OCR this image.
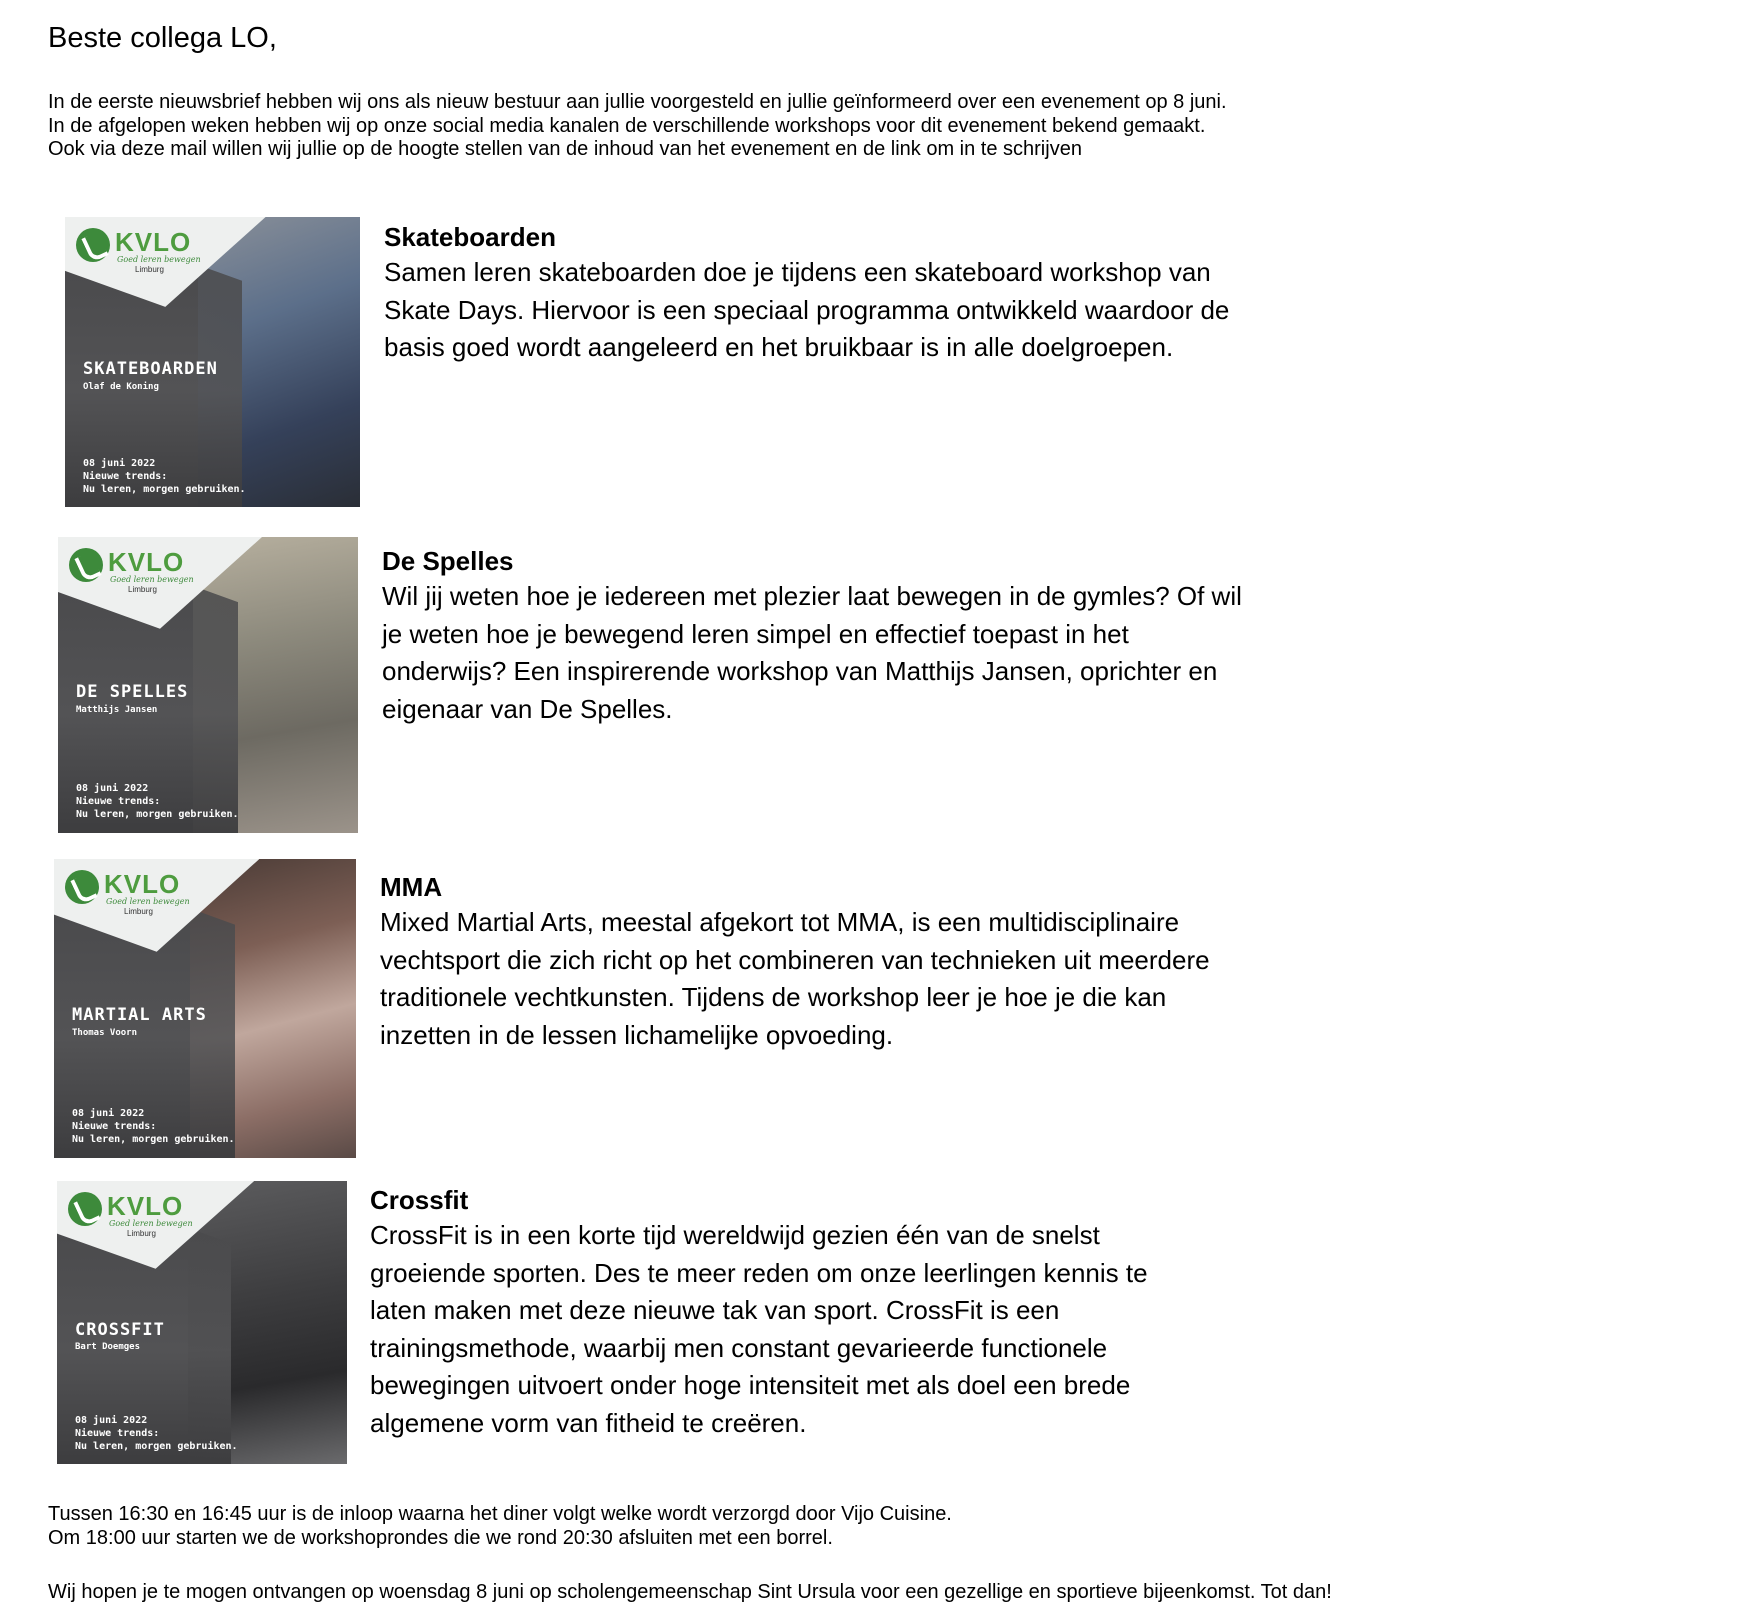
Beste collega LO,
In de eerste nieuwsbrief hebben wij ons als nieuw bestuur aan jullie voorgesteld en jullie geïnformeerd over een evenement op 8 juni.
In de afgelopen weken hebben wij op onze social media kanalen de verschillende workshops voor dit evenement bekend gemaakt.
Ook via deze mail willen wij jullie op de hoogte stellen van de inhoud van het evenement en de link om in te schrijven
KVLO
Goed leren bewegen
Limburg
SKATEBOARDEN
Olaf de Koning
08 juni 2022
Nieuwe trends:
Nu leren, morgen gebruiken.

Skateboarden

Samen leren skateboarden doe je tijdens een skateboard workshop van Skate Days. Hiervoor is een speciaal programma ontwikkeld waardoor de basis goed wordt aangeleerd en het bruikbaar is in alle doelgroepen.

KVLO
Goed leren bewegen
Limburg
DE SPELLES
Matthijs Jansen
08 juni 2022
Nieuwe trends:
Nu leren, morgen gebruiken.

De Spelles

Wil jij weten hoe je iedereen met plezier laat bewegen in de gymles? Of wil je weten hoe je bewegend leren simpel en effectief toepast in het onderwijs? Een inspirerende workshop van Matthijs Jansen, oprichter en eigenaar van De Spelles.

KVLO
Goed leren bewegen
Limburg
MARTIAL ARTS
Thomas Voorn
08 juni 2022
Nieuwe trends:
Nu leren, morgen gebruiken.

MMA

Mixed Martial Arts, meestal afgekort tot MMA, is een multidisciplinaire vechtsport die zich richt op het combineren van technieken uit meerdere traditionele vechtkunsten. Tijdens de workshop leer je hoe je die kan inzetten in de lessen lichamelijke opvoeding.

KVLO
Goed leren bewegen
Limburg
CROSSFIT
Bart Doemges
08 juni 2022
Nieuwe trends:
Nu leren, morgen gebruiken.

Crossfit

CrossFit is in een korte tijd wereldwijd gezien één van de snelst groeiende sporten. Des te meer reden om onze leerlingen kennis te laten maken met deze nieuwe tak van sport. CrossFit is een trainingsmethode, waarbij men constant gevarieerde functionele bewegingen uitvoert onder hoge intensiteit met als doel een brede algemene vorm van fitheid te creëren.

Tussen 16:30 en 16:45 uur is de inloop waarna het diner volgt welke wordt verzorgd door Vijo Cuisine.
Om 18:00 uur starten we de workshoprondes die we rond 20:30 afsluiten met een borrel.
Wij hopen je te mogen ontvangen op woensdag 8 juni op scholengemeenschap Sint Ursula voor een gezellige en sportieve bijeenkomst. Tot dan!
